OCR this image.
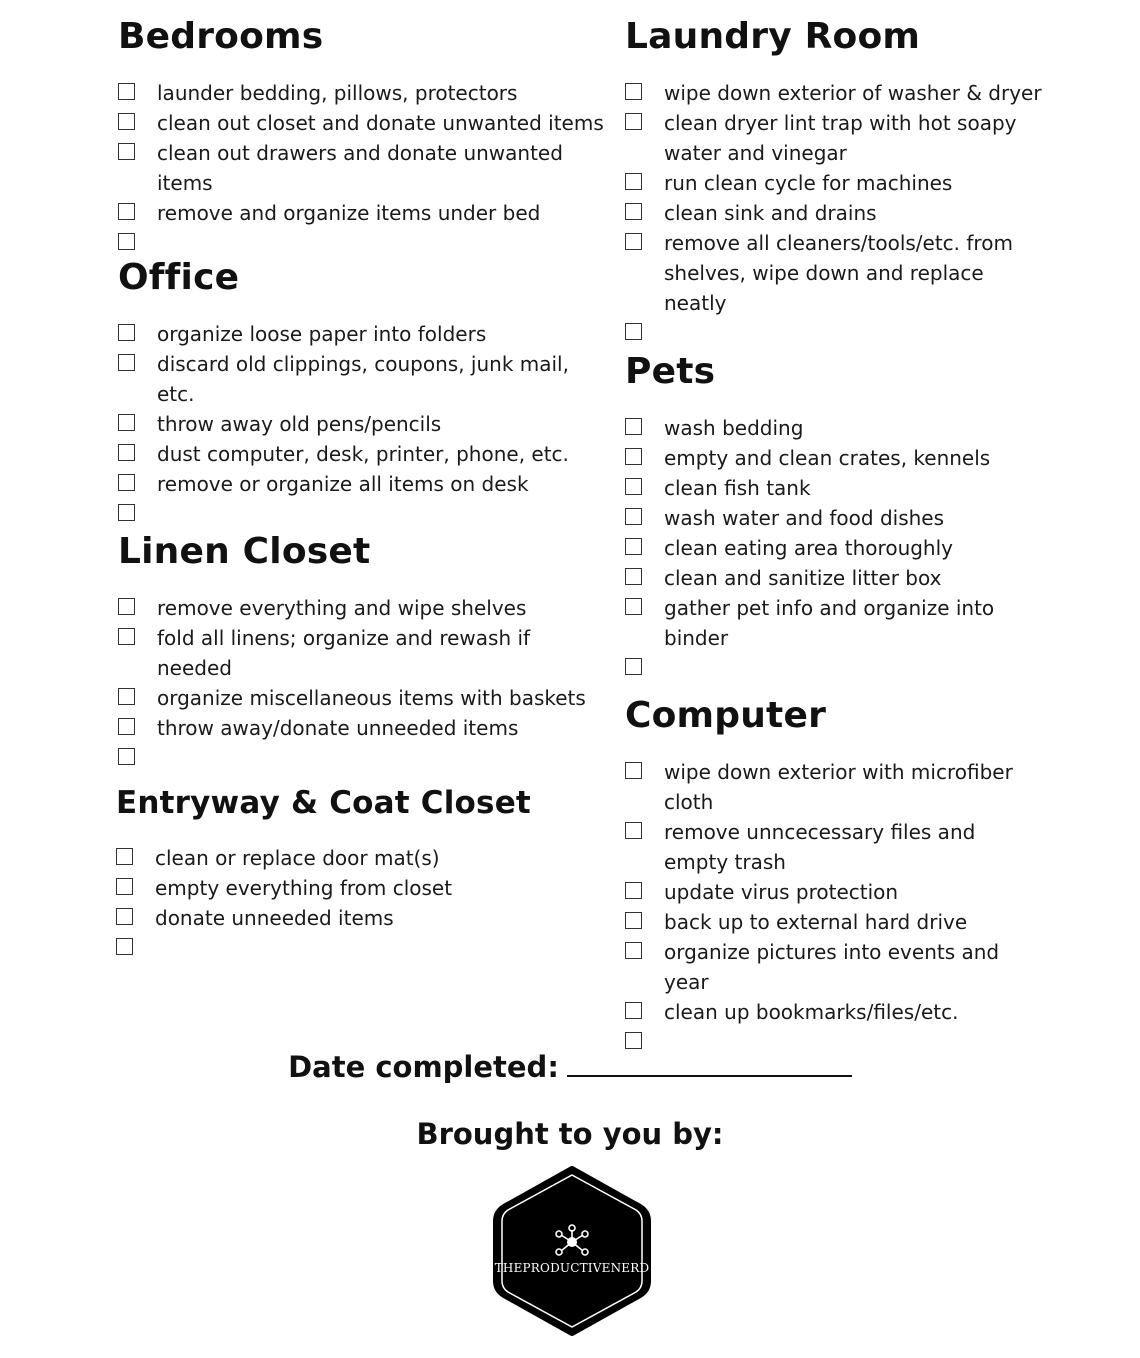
Bedrooms
launder bedding, pillows, protectors
clean out closet and donate unwanted items
clean out drawers and donate unwanted items
remove and organize items under bed
Office
organize loose paper into folders
discard old clippings, coupons, junk mail, etc.
throw away old pens/pencils
dust computer, desk, printer, phone, etc.
remove or organize all items on desk
Linen Closet
remove everything and wipe shelves
fold all linens; organize and rewash if needed
organize miscellaneous items with baskets
throw away/donate unneeded items
Entryway & Coat Closet
clean or replace door mat(s)
empty everything from closet
donate unneeded items
Laundry Room
wipe down exterior of washer & dryer
clean dryer lint trap with hot soapy water and vinegar
run clean cycle for machines
clean sink and drains
remove all cleaners/tools/etc. from shelves, wipe down and replace neatly
Pets
wash bedding
empty and clean crates, kennels
clean fish tank
wash water and food dishes
clean eating area thoroughly
clean and sanitize litter box
gather pet info and organize into binder
Computer
wipe down exterior with microfiber cloth
remove unncecessary files and empty trash
update virus protection
back up to external hard drive
organize pictures into events and year
clean up bookmarks/files/etc.
Date completed:
Brought to you by:
THEPRODUCTIVENERD
